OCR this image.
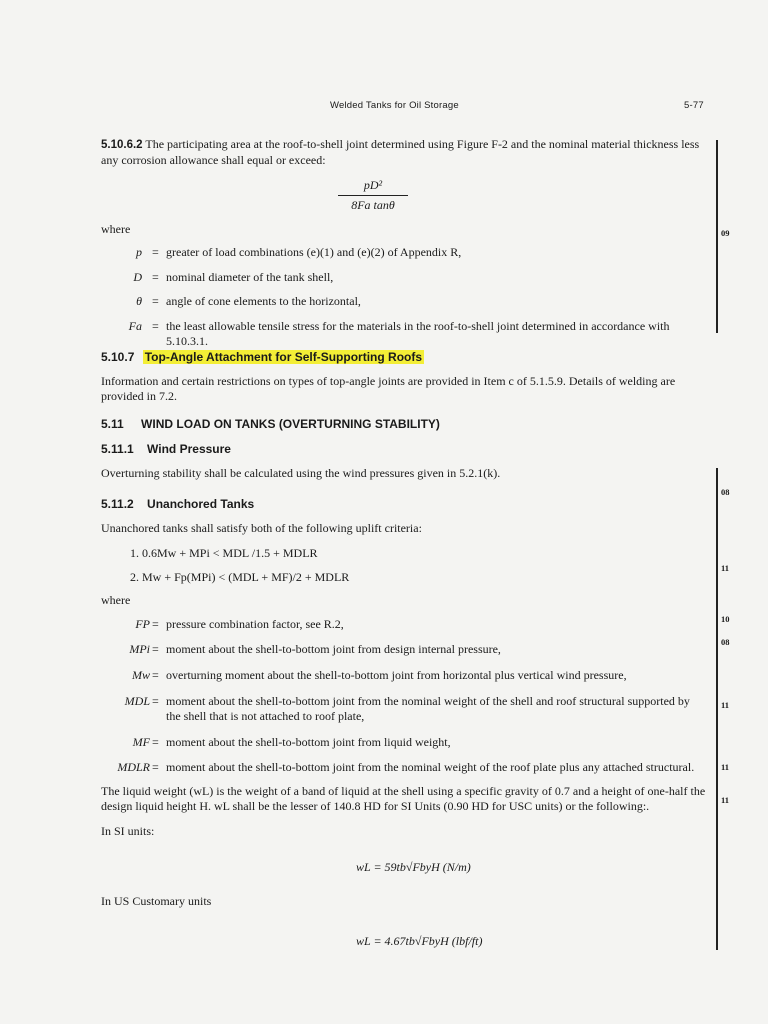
Welded Tanks for Oil Storage	5-77
5.10.6.2 The participating area at the roof-to-shell joint determined using Figure F-2 and the nominal material thickness less any corrosion allowance shall equal or exceed:
pD²
8Fa tanθ
where
p = greater of load combinations (e)(1) and (e)(2) of Appendix R,
D = nominal diameter of the tank shell,
θ = angle of cone elements to the horizontal,
Fa = the least allowable tensile stress for the materials in the roof-to-shell joint determined in accordance with 5.10.3.1.
5.10.7 Top-Angle Attachment for Self-Supporting Roofs
Information and certain restrictions on types of top-angle joints are provided in Item c of 5.1.5.9. Details of welding are provided in 7.2.
5.11 WIND LOAD ON TANKS (OVERTURNING STABILITY)
5.11.1 Wind Pressure
Overturning stability shall be calculated using the wind pressures given in 5.2.1(k).
5.11.2 Unanchored Tanks
Unanchored tanks shall satisfy both of the following uplift criteria:
1. 0.6Mw + MPi < MDL /1.5 + MDLR
2. Mw + Fp(MPi) < (MDL + MF)/2 + MDLR
where
FP = pressure combination factor, see R.2,
MPi = moment about the shell-to-bottom joint from design internal pressure,
Mw = overturning moment about the shell-to-bottom joint from horizontal plus vertical wind pressure,
MDL = moment about the shell-to-bottom joint from the nominal weight of the shell and roof structural supported by the shell that is not attached to roof plate,
MF = moment about the shell-to-bottom joint from liquid weight,
MDLR = moment about the shell-to-bottom joint from the nominal weight of the roof plate plus any attached structural.
The liquid weight (wL) is the weight of a band of liquid at the shell using a specific gravity of 0.7 and a height of one-half the design liquid height H. wL shall be the lesser of 140.8 HD for SI Units (0.90 HD for USC units) or the following:.
In SI units:
wL = 59tb√FbyH (N/m)
In US Customary units
wL = 4.67tb√FbyH (lbf/ft)
09
08
11
10
08
11
11
11
